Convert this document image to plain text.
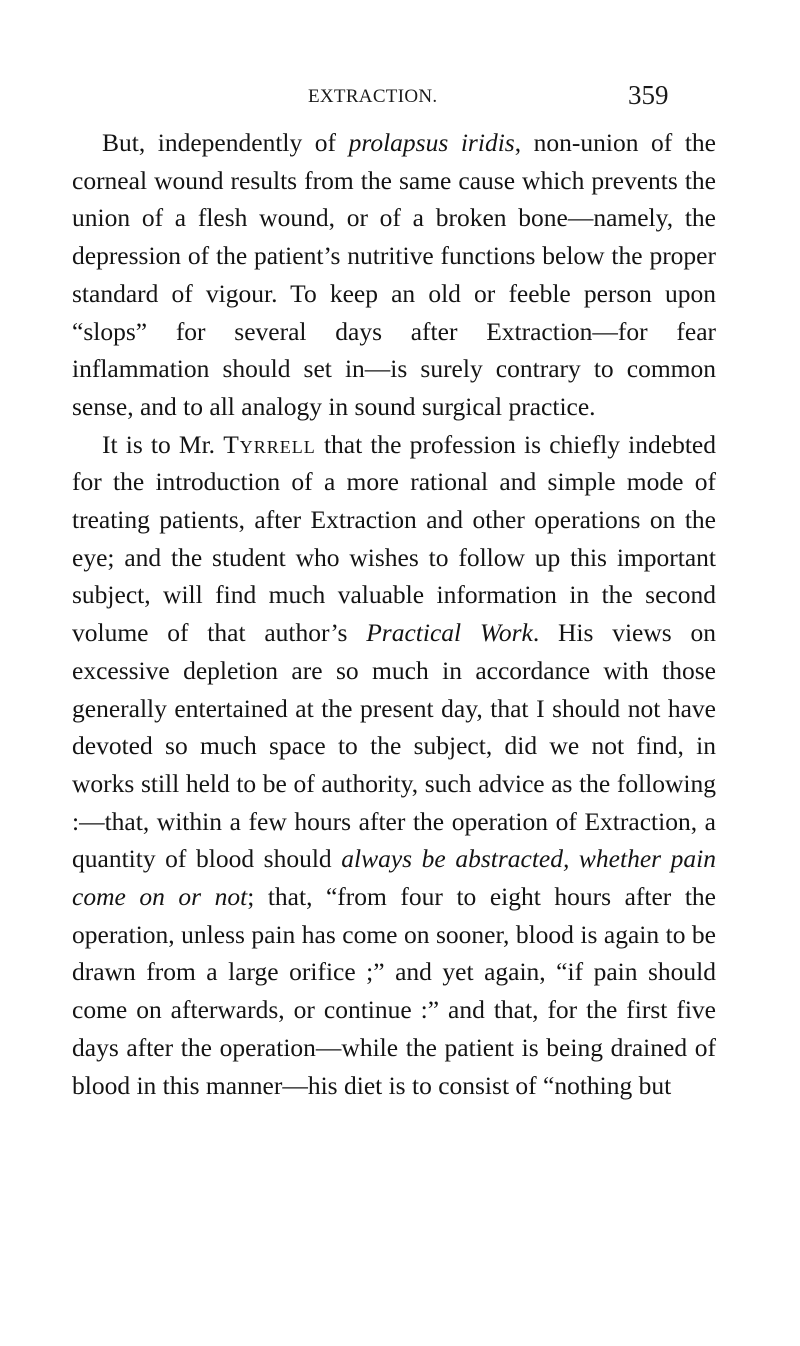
EXTRACTION.	359

But, independently of prolapsus iridis, non-union of the corneal wound results from the same cause which prevents the union of a flesh wound, or of a broken bone—namely, the depression of the patient’s nutritive functions below the proper standard of vigour. To keep an old or feeble person upon “slops” for several days after Extraction—for fear inflammation should set in—is surely contrary to common sense, and to all analogy in sound surgical practice.

It is to Mr. Tyrrell that the profession is chiefly indebted for the introduction of a more rational and simple mode of treating patients, after Extraction and other operations on the eye; and the student who wishes to follow up this important subject, will find much valuable information in the second volume of that author’s Practical Work. His views on excessive depletion are so much in accordance with those generally entertained at the present day, that I should not have devoted so much space to the subject, did we not find, in works still held to be of authority, such advice as the following :—that, within a few hours after the operation of Extraction, a quantity of blood should always be abstracted, whether pain come on or not; that, “from four to eight hours after the operation, unless pain has come on sooner, blood is again to be drawn from a large orifice ;” and yet again, “if pain should come on afterwards, or continue :” and that, for the first five days after the operation—while the patient is being drained of blood in this manner—his diet is to consist of “nothing but
